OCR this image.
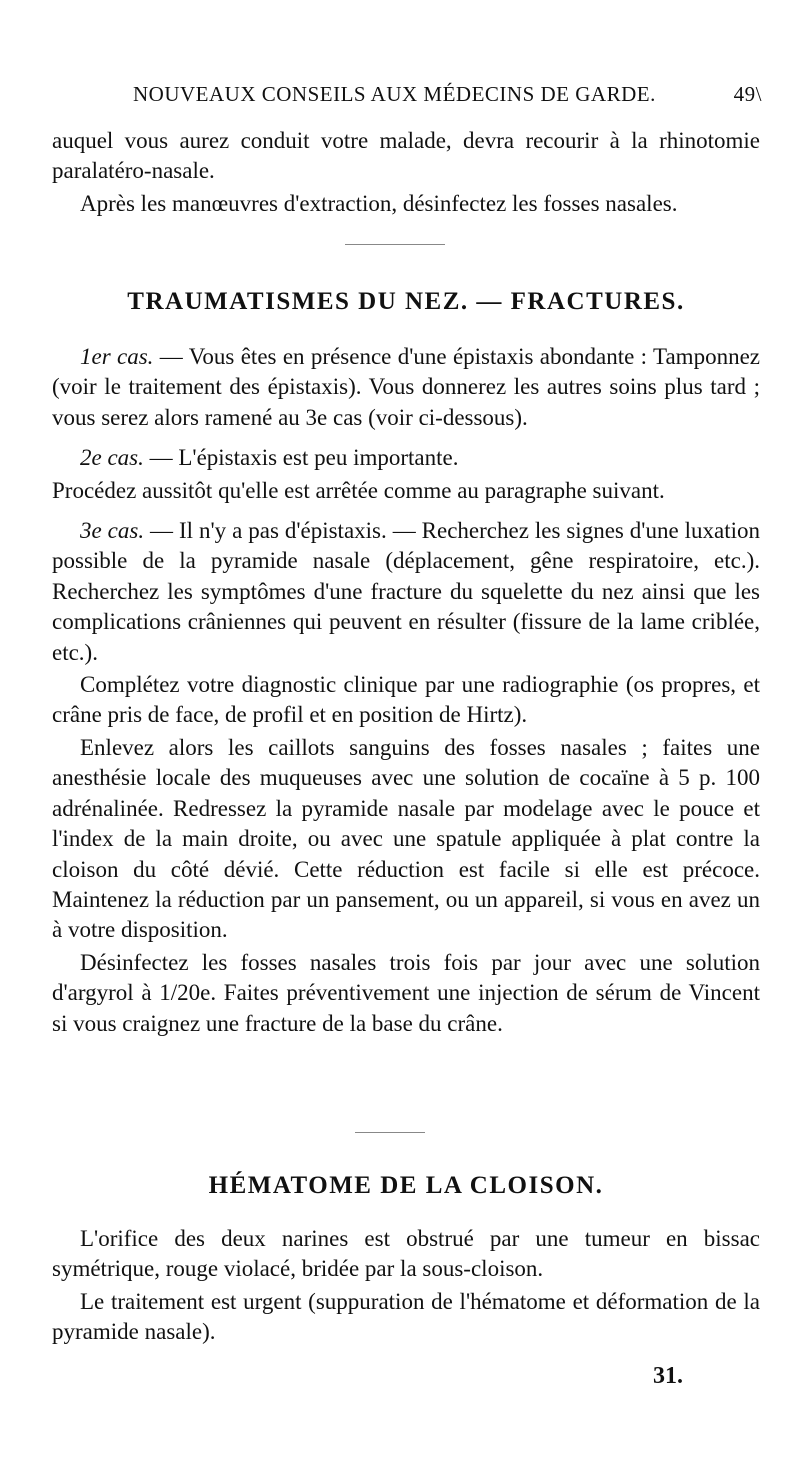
NOUVEAUX CONSEILS AUX MÉDECINS DE GARDE.	49\

auquel vous aurez conduit votre malade, devra recourir à la rhinotomie paralatéro-nasale.

Après les manœuvres d'extraction, désinfectez les fosses nasales.

TRAUMATISMES DU NEZ. — FRACTURES.

1er cas. — Vous êtes en présence d'une épistaxis abondante : Tamponnez (voir le traitement des épistaxis). Vous donnerez les autres soins plus tard ; vous serez alors ramené au 3e cas (voir ci-dessous).

2e cas. — L'épistaxis est peu importante.

Procédez aussitôt qu'elle est arrêtée comme au paragraphe suivant.

3e cas. — Il n'y a pas d'épistaxis. — Recherchez les signes d'une luxation possible de la pyramide nasale (déplacement, gêne respiratoire, etc.). Recherchez les symptômes d'une fracture du squelette du nez ainsi que les complications crâniennes qui peuvent en résulter (fissure de la lame criblée, etc.).

Complétez votre diagnostic clinique par une radiographie (os propres, et crâne pris de face, de profil et en position de Hirtz).

Enlevez alors les caillots sanguins des fosses nasales ; faites une anesthésie locale des muqueuses avec une solution de cocaïne à 5 p. 100 adrénalinée. Redressez la pyramide nasale par modelage avec le pouce et l'index de la main droite, ou avec une spatule appliquée à plat contre la cloison du côté dévié. Cette réduction est facile si elle est précoce. Maintenez la réduction par un pansement, ou un appareil, si vous en avez un à votre disposition.

Désinfectez les fosses nasales trois fois par jour avec une solution d'argyrol à 1/20e. Faites préventivement une injection de sérum de Vincent si vous craignez une fracture de la base du crâne.

HÉMATOME DE LA CLOISON.

L'orifice des deux narines est obstrué par une tumeur en bissac symétrique, rouge violacé, bridée par la sous-cloison.

Le traitement est urgent (suppuration de l'hématome et déformation de la pyramide nasale).

31.
